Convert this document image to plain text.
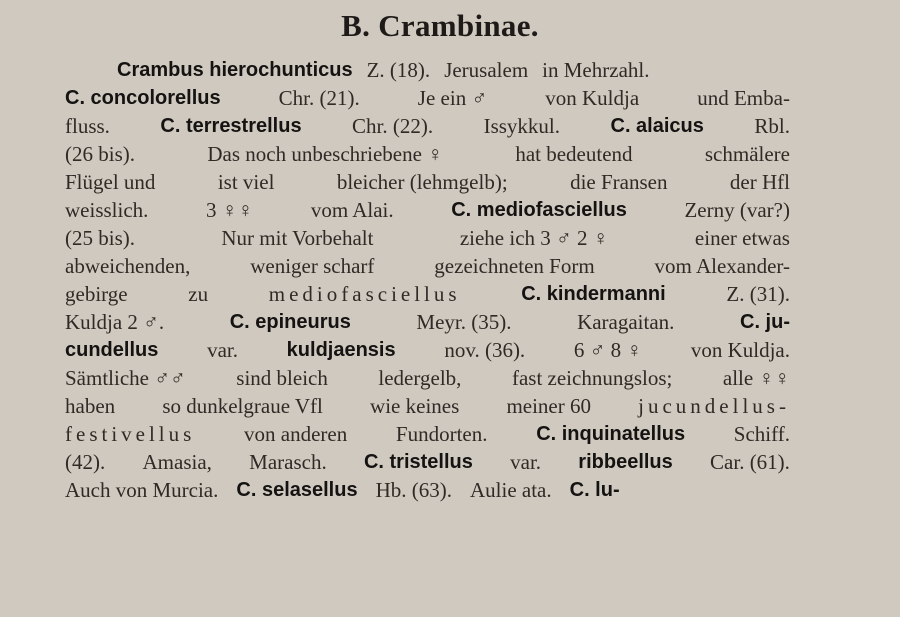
B. Crambinae.
Crambus hierochunticus Z. (18). Jerusalem in Mehrzahl.
C. concolorellus	Chr. (21).	Je ein ♂	von Kuldja	und Emba-
fluss.	C. terrestrellus Chr. (22). Issykkul.	C. alaicus Rbl.
(26 bis).	Das noch unbeschriebene ♀	hat bedeutend	schmälere
Flügel und	ist viel	bleicher (lehmgelb);	die Fransen	der Hfl
weisslich.	3 ♀♀	vom Alai.	C. mediofasciellus	Zerny (var?)
(25 bis).	Nur mit Vorbehalt	ziehe ich 3 ♂ 2 ♀	einer etwas
abweichenden,	weniger scharf	gezeichneten Form	vom Alexander-
gebirge	zu	mediofasciellus	C. kindermanni	Z. (31).
Kuldja 2 ♂.	C. epineurus	Meyr. (35).	Karagaitan.	C. ju-
cundellus var. kuldjaensis nov. (36). 6 ♂ 8 ♀ von Kuldja.
Sämtliche ♂♂ sind bleich ledergelb, fast zeichnungslos; alle ♀♀
haben so dunkelgraue Vfl wie keines meiner 60 jucundellus-
festivellus von anderen Fundorten. C. inquinatellus Schiff.
(42). Amasia, Marasch. C. tristellus var. ribbeellus Car. (61).
Auch von Murcia. C. selasellus Hb. (63). Aulie ata. C. lu-
